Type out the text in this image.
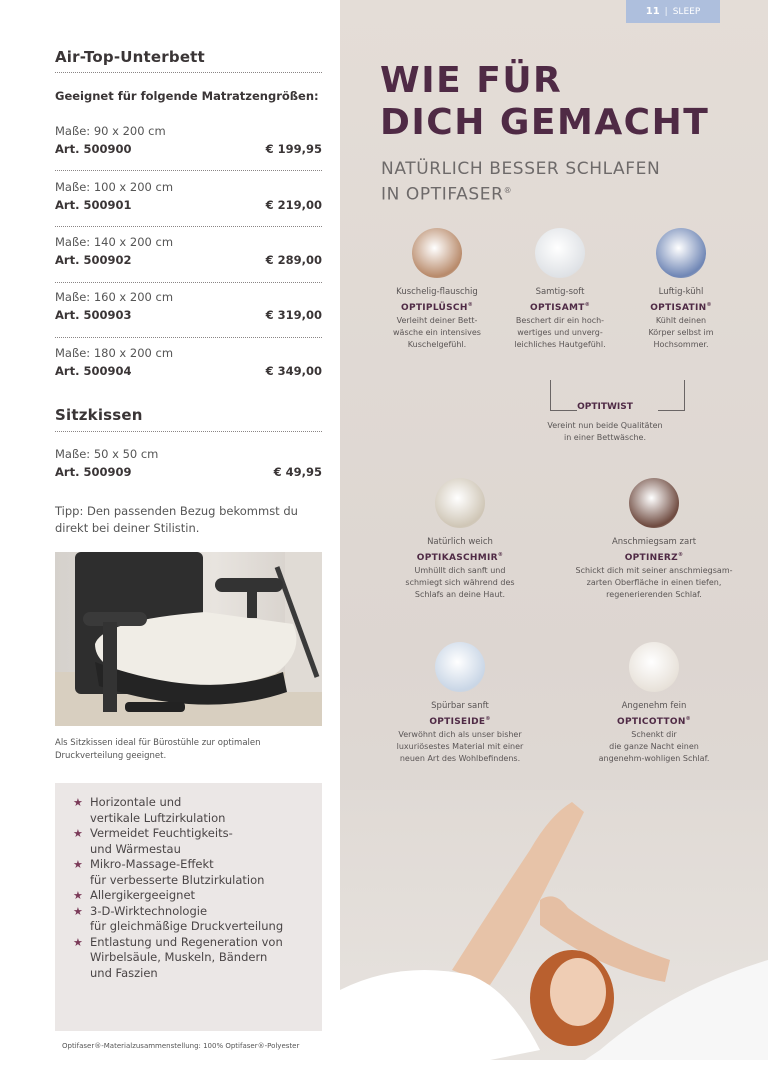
Air-Top-Unterbett
Geeignet für folgende Matratzengrößen:
Maße: 90 x 200 cm
Art. 500900	€ 199,95
Maße: 100 x 200 cm
Art. 500901	€ 219,00
Maße: 140 x 200 cm
Art. 500902	€ 289,00
Maße: 160 x 200 cm
Art. 500903	€ 319,00
Maße: 180 x 200 cm
Art. 500904	€ 349,00
Sitzkissen
Maße: 50 x 50 cm
Art. 500909	€ 49,95
Tipp: Den passenden Bezug bekommst du direkt bei deiner Stilistin.
Als Sitzkissen ideal für Bürostühle zur optimalen Druckverteilung geeignet.
★ Horizontale und
vertikale Luftzirkulation
★ Vermeidet Feuchtigkeits-
und Wärmestau
★ Mikro-Massage-Effekt
für verbesserte Blutzirkulation
★ Allergikergeeignet
★ 3-D-Wirktechnologie
für gleichmäßige Druckverteilung
★ Entlastung und Regeneration von
Wirbelsäule, Muskeln, Bändern
und Faszien
Optifaser®-Materialzusammenstellung: 100% Optifaser®-Polyester
11 | SLEEP
WIE FÜR
DICH GEMACHT
NATÜRLICH BESSER SCHLAFEN
IN OPTIFASER®
Kuschelig-flauschig
OPTIPLÜSCH®
Verleiht deiner Bett-
wäsche ein intensives
Kuschelgefühl.
Samtig-soft
OPTISAMT®
Beschert dir ein hoch-
wertiges und unverg-
leichliches Hautgefühl.
Luftig-kühl
OPTISATIN®
Kühlt deinen
Körper selbst im
Hochsommer.
Natürlich weich
OPTIKASCHMIR®
Umhüllt dich sanft und
schmiegt sich während des
Schlafs an deine Haut.
Anschmiegsam zart
OPTINERZ®
Schickt dich mit seiner anschmiegsam-
zarten Oberfläche in einen tiefen,
regenerierenden Schlaf.
Spürbar sanft
OPTISEIDE®
Verwöhnt dich als unser bisher
luxuriösestes Material mit einer
neuen Art des Wohlbefindens.
Angenehm fein
OPTICOTTON®
Schenkt dir
die ganze Nacht einen
angenehm-wohligen Schlaf.
OPTITWIST
Vereint nun beide Qualitäten
in einer Bettwäsche.
